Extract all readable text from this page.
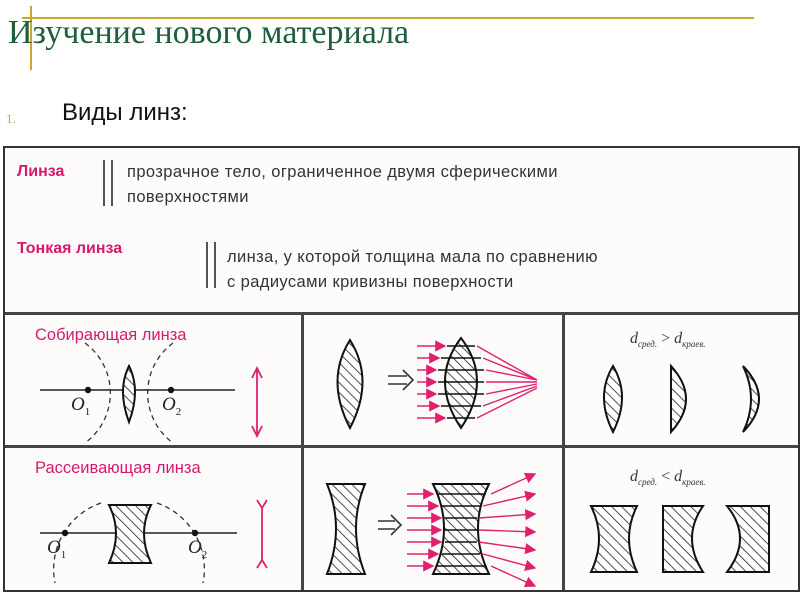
Изучение нового материала
1. Виды линз:
Линза	прозрачное тело, ограниченное двумя сферическими
поверхностями
Тонкая линза	линза, у которой толщина мала по сравнению
с радиусами кривизны поверхности
Собирающая линза
Рассеивающая линза
$O_1$	$O_2$
$O_1$	$O_2$
$d_{сред.} > d_{краев.}$
$d_{сред.} < d_{краев.}$
